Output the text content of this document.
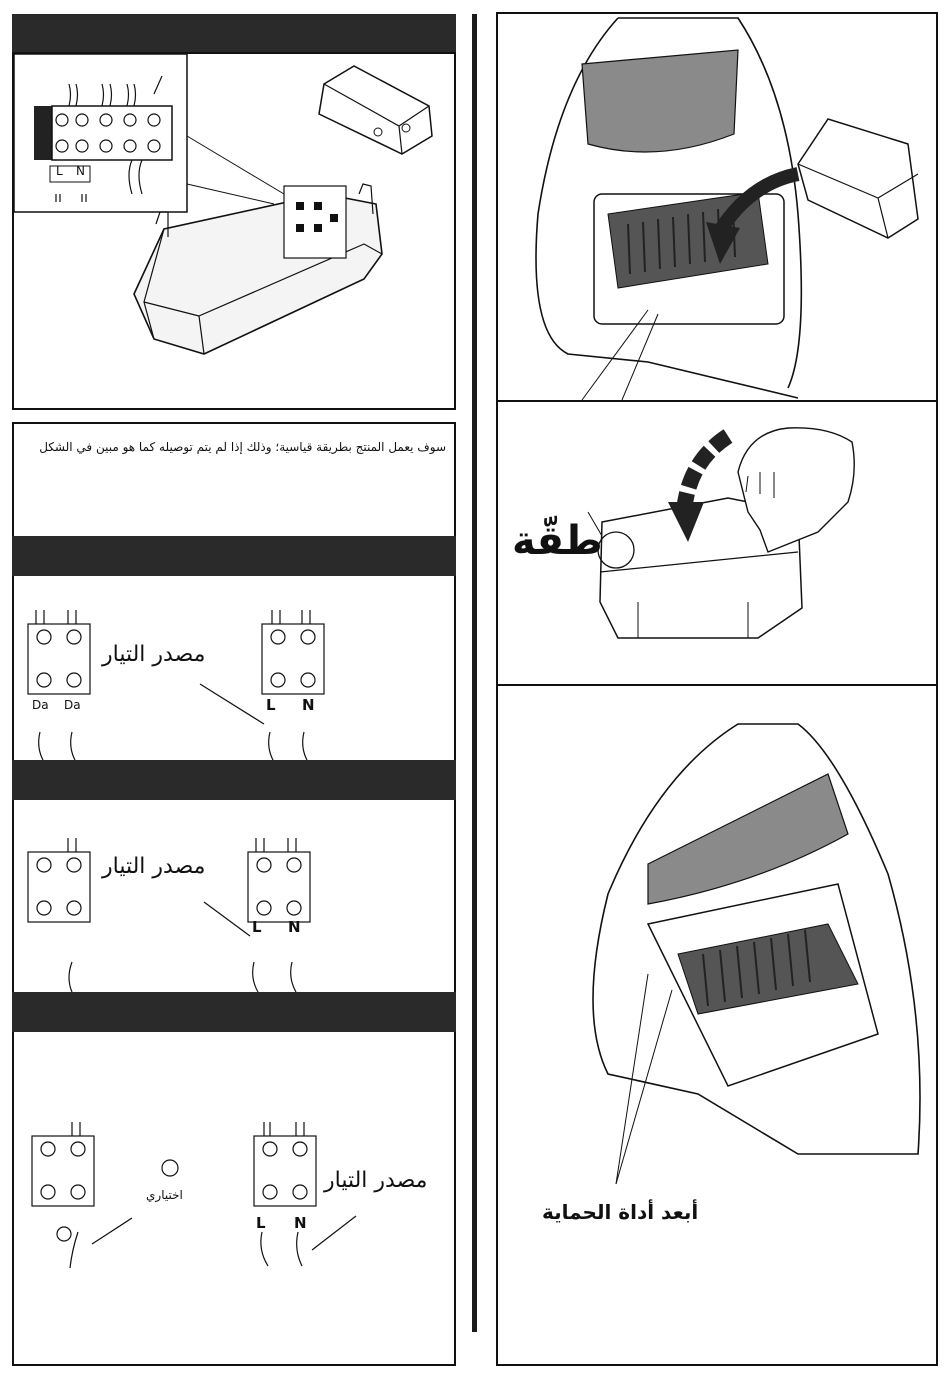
L N
سوف يعمل المنتج بطريقة قياسية؛ وذلك إذا لم يتم توصيله كما هو مبين في الشكل
Da Da	L N
مصدر التيار
L N
مصدر التيار
L N
اختياري
مصدر التيار
طقّة
أبعد أداة الحماية
